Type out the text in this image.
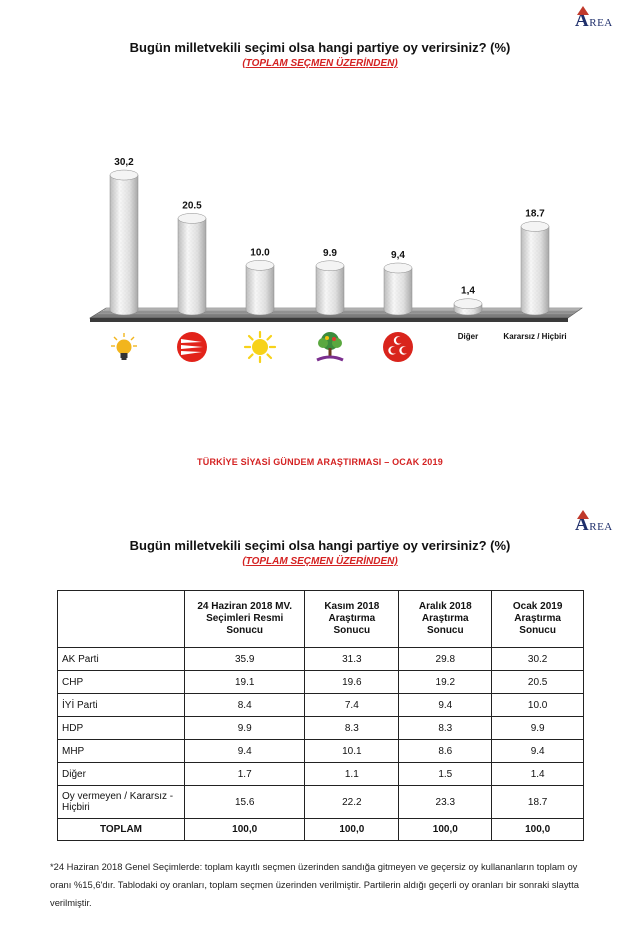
AREA
Bugün milletvekili seçimi olsa hangi partiye oy verirsiniz? (%)
(TOPLAM SEÇMEN ÜZERİNDEN)
30,2
20.5
10.0	9.9	9,4
1,4
18.7
Diğer	Kararsız / Hiçbiri
TÜRKİYE SİYASİ GÜNDEM ARAŞTIRMASI – OCAK 2019
AREA
Bugün milletvekili seçimi olsa hangi partiye oy verirsiniz? (%)
(TOPLAM SEÇMEN ÜZERİNDEN)
	24 Haziran 2018 MV. Seçimleri Resmi Sonucu	Kasım 2018 Araştırma Sonucu	Aralık 2018 Araştırma Sonucu	Ocak 2019 Araştırma Sonucu
AK Parti	35.9	31.3	29.8	30.2
CHP	19.1	19.6	19.2	20.5
İYİ Parti	8.4	7.4	9.4	10.0
HDP	9.9	8.3	8.3	9.9
MHP	9.4	10.1	8.6	9.4
Diğer	1.7	1.1	1.5	1.4
Oy vermeyen / Kararsız - Hiçbiri	15.6	22.2	23.3	18.7
TOPLAM	100,0	100,0	100,0	100,0
*24 Haziran 2018 Genel Seçimlerde: toplam kayıtlı seçmen üzerinden sandığa gitmeyen ve geçersiz oy kullananların toplam oy oranı %15,6'dır. Tablodaki oy oranları, toplam seçmen üzerinden verilmiştir. Partilerin aldığı geçerli oy oranları bir sonraki slaytta verilmiştir.
